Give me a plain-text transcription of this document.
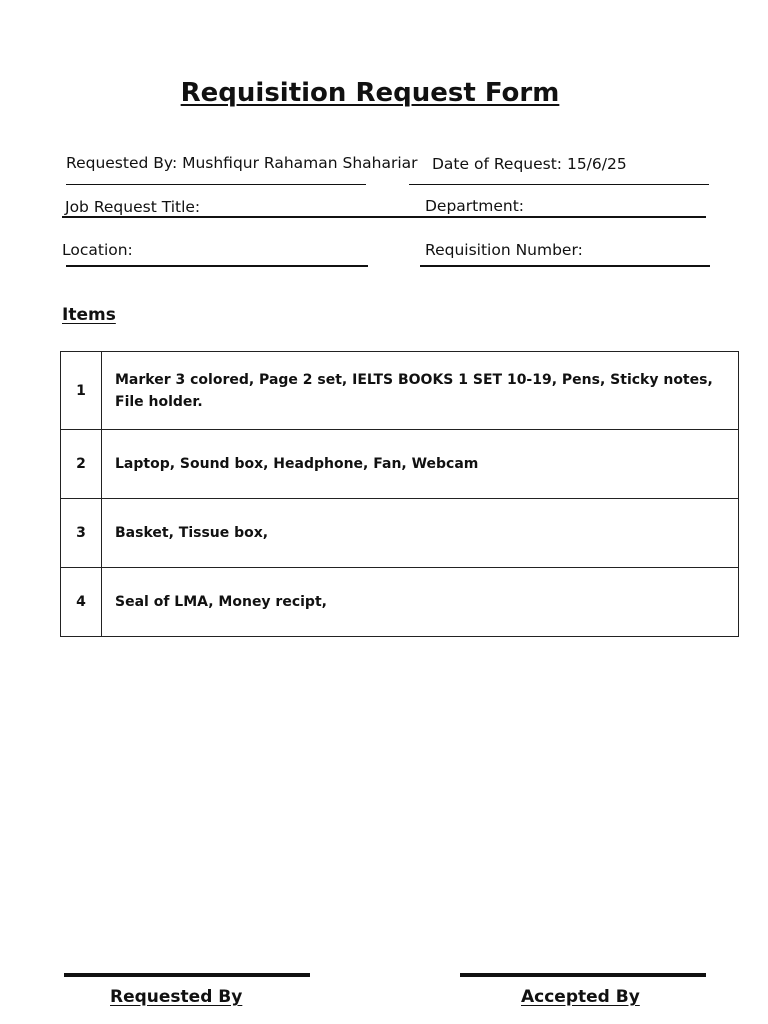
Requisition Request Form
Requested By: Mushfiqur Rahaman Shahariar Date of Request: 15/6/25
Job Request Title:	Department:
Location:	Requisition Number:
Items
1	Marker 3 colored, Page 2 set, IELTS BOOKS 1 SET 10-19, Pens, Sticky notes, File holder.
2	Laptop, Sound box, Headphone, Fan, Webcam
3	Basket, Tissue box,
4	Seal of LMA, Money recipt,
Requested By	Accepted By
